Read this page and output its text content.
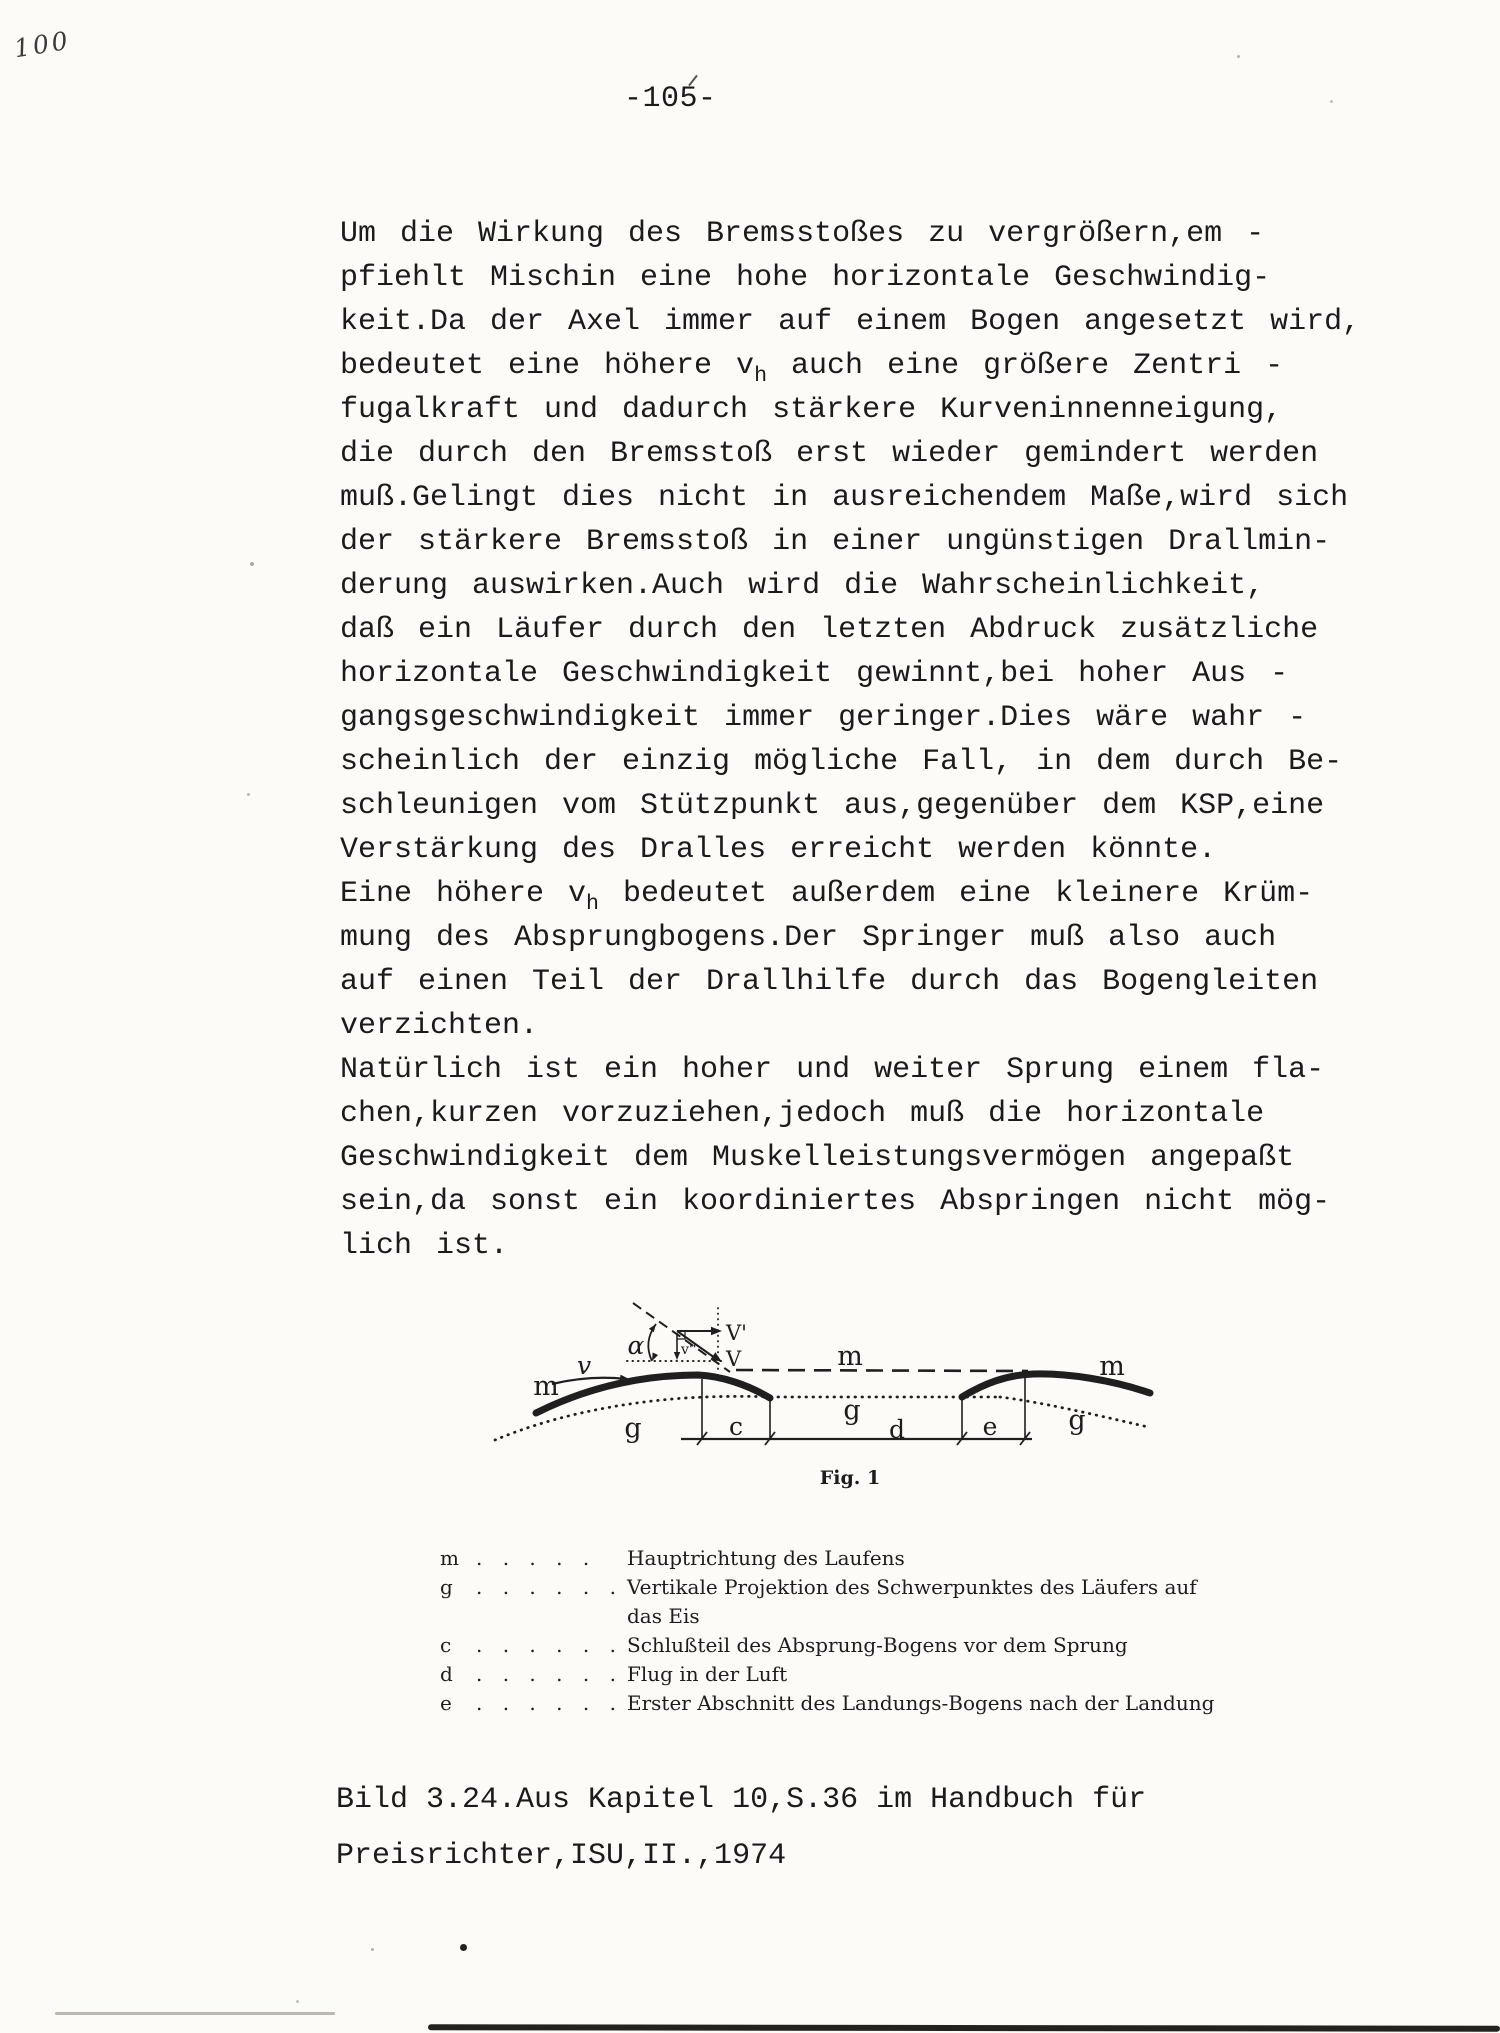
100
-105-
Um die Wirkung des Bremsstoßes zu vergrößern,em -
pfiehlt Mischin eine hohe horizontale Geschwindig-
keit.Da der Axel immer auf einem Bogen angesetzt wird,
bedeutet eine höhere $v_h$ auch eine größere Zentri -
fugalkraft und dadurch stärkere Kurveninnenneigung,
die durch den Bremsstoß erst wieder gemindert werden
muß.Gelingt dies nicht in ausreichendem Maße,wird sich
der stärkere Bremsstoß in einer ungünstigen Drallmin-
derung auswirken.Auch wird die Wahrscheinlichkeit,
daß ein Läufer durch den letzten Abdruck zusätzliche
horizontale Geschwindigkeit gewinnt,bei hoher Aus -
gangsgeschwindigkeit immer geringer.Dies wäre wahr -
scheinlich der einzig mögliche Fall, in dem durch Be-
schleunigen vom Stützpunkt aus,gegenüber dem KSP,eine
Verstärkung des Dralles erreicht werden könnte.
Eine höhere $v_h$ bedeutet außerdem eine kleinere Krüm-
mung des Absprungbogens.Der Springer muß also auch
auf einen Teil der Drallhilfe durch das Bogengleiten
verzichten.
Natürlich ist ein hoher und weiter Sprung einem fla-
chen,kurzen vorzuziehen,jedoch muß die horizontale
Geschwindigkeit dem Muskelleistungsvermögen angepaßt
sein,da sonst ein koordiniertes Abspringen nicht mög-
lich ist.
m
v
g	c
g
d	e	g
m	m
α	V'
V
v''
Fig. 1
m . . . . . Hauptrichtung des Laufens
g . . . . . . Vertikale Projektion des Schwerpunktes des Läufers auf
das Eis
c . . . . . . Schlußteil des Absprung-Bogens vor dem Sprung
d . . . . . . Flug in der Luft
e . . . . . . Erster Abschnitt des Landungs-Bogens nach der Landung
Bild 3.24.Aus Kapitel 10,S.36 im Handbuch für
Preisrichter,ISU,II.,1974
